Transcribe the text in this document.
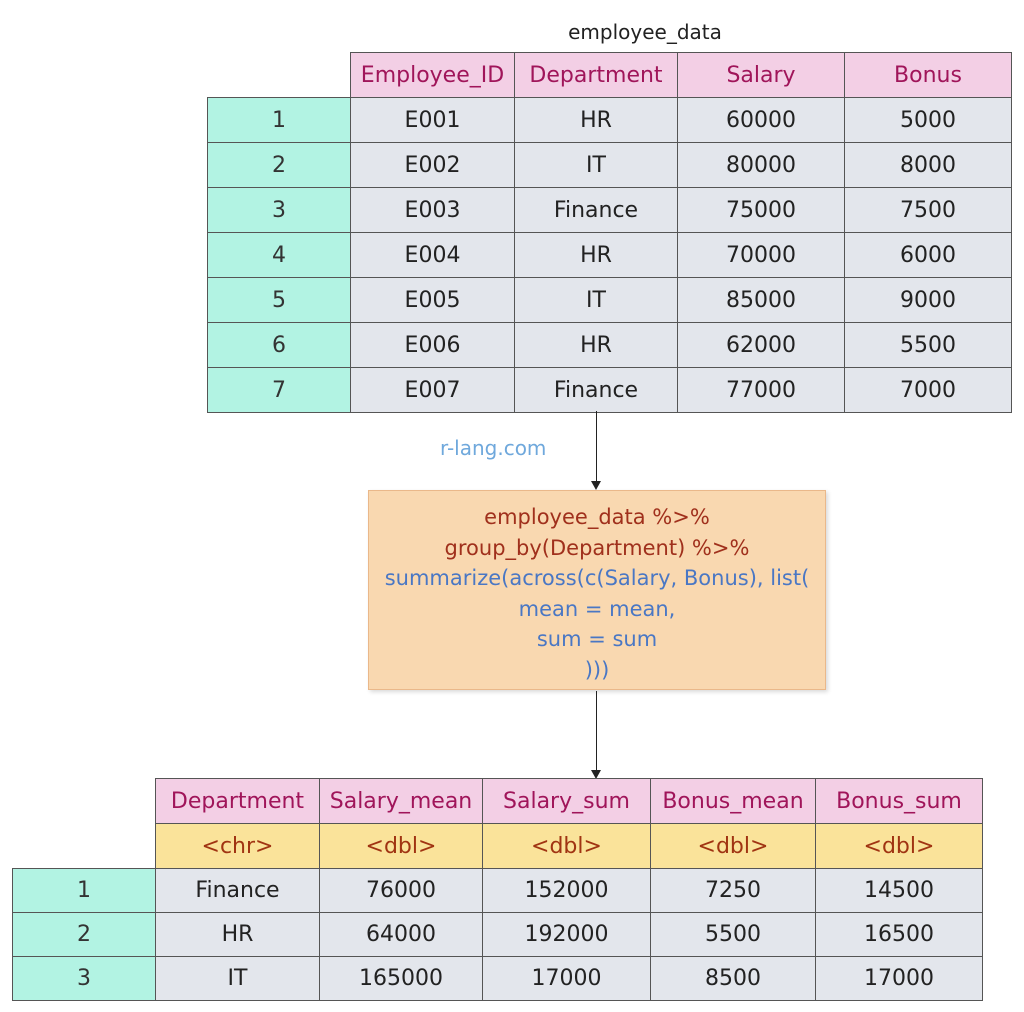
employee_data
	Employee_ID	Department	Salary	Bonus
1	E001	HR	60000	5000
2	E002	IT	80000	8000
3	E003	Finance	75000	7500
4	E004	HR	70000	6000
5	E005	IT	85000	9000
6	E006	HR	62000	5500
7	E007	Finance	77000	7000
r-lang.com
employee_data %>%
group_by(Department) %>%
summarize(across(c(Salary, Bonus), list(
mean = mean,
sum = sum
)))
	Department	Salary_mean	Salary_sum	Bonus_mean	Bonus_sum
	<chr>	<dbl>	<dbl>	<dbl>	<dbl>
1	Finance	76000	152000	7250	14500
2	HR	64000	192000	5500	16500
3	IT	165000	17000	8500	17000
